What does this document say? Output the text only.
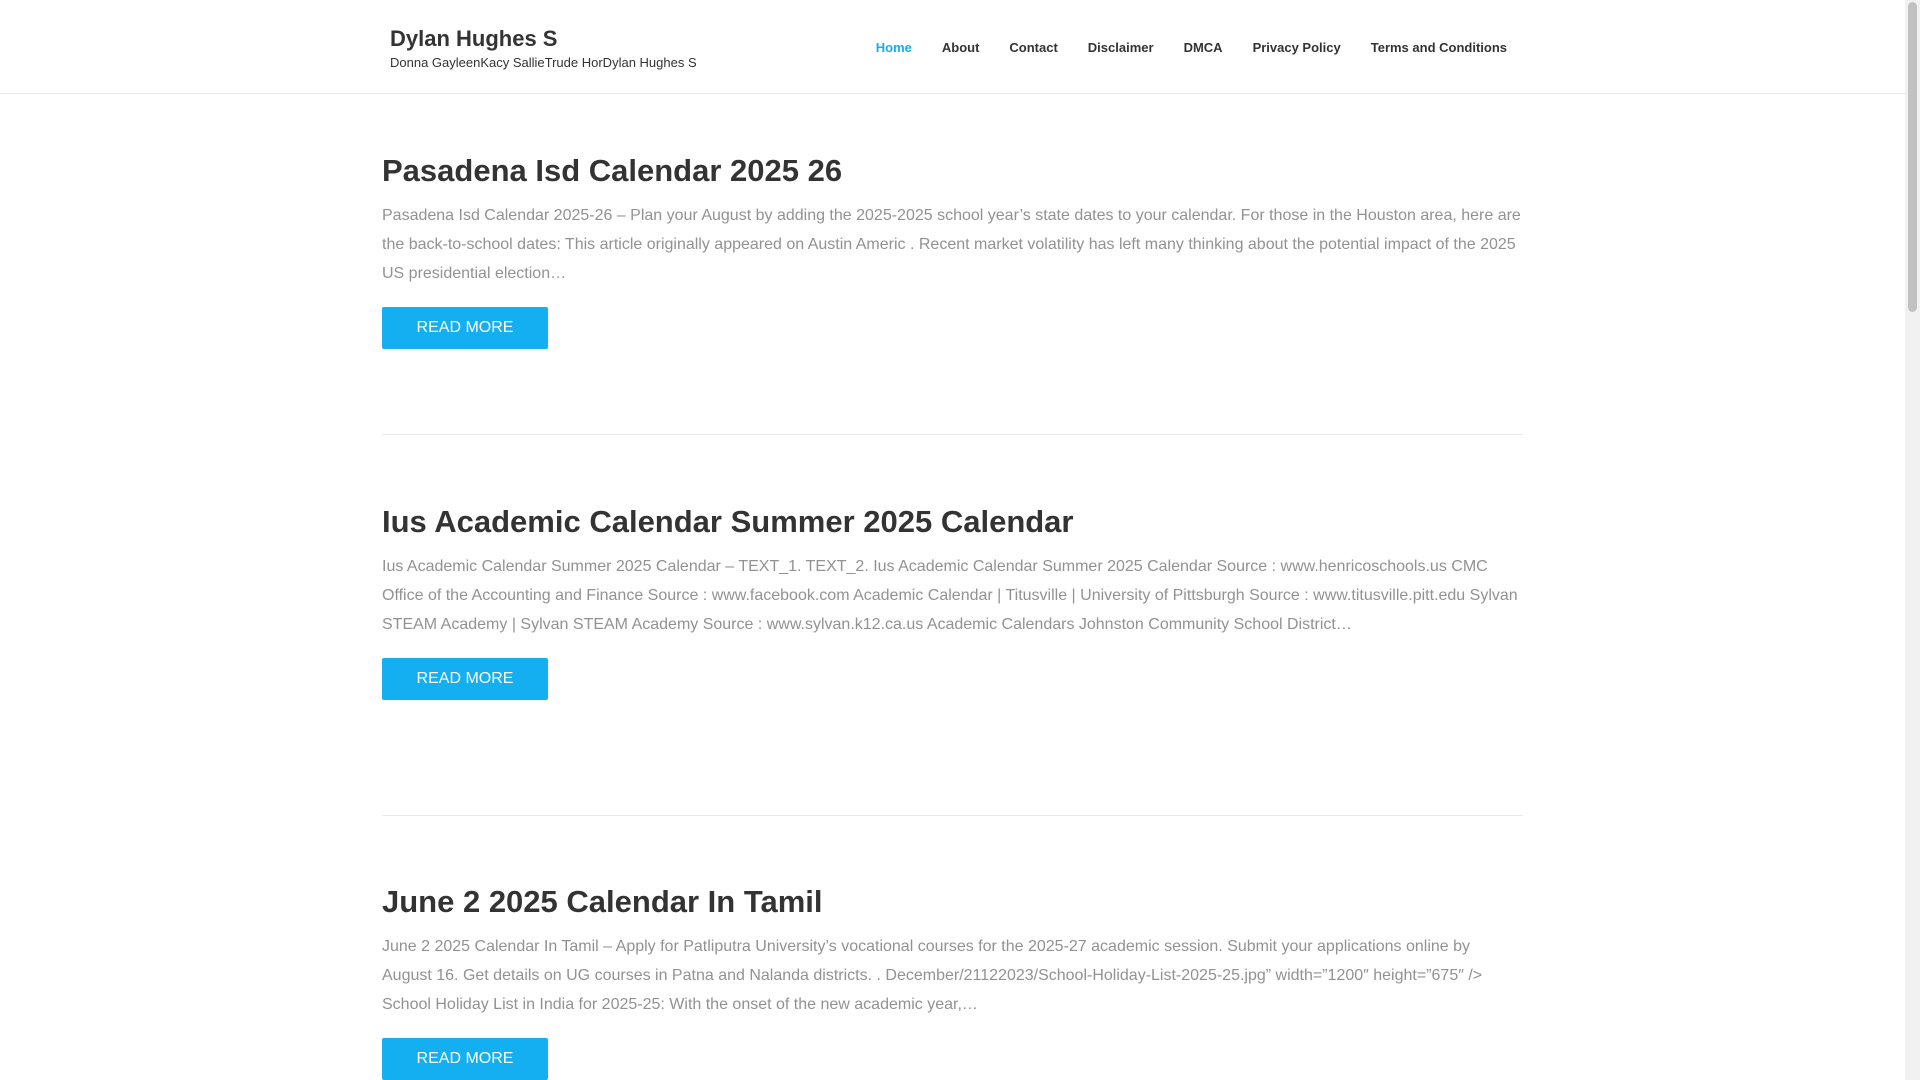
Dylan Hughes S
Donna GayleenKacy SallieTrude HorDylan Hughes S
Home About Contact Disclaimer DMCA Privacy Policy Terms and Conditions
Pasadena Isd Calendar 2025 26

Pasadena Isd Calendar 2025-26 – Plan your August by adding the 2025-2025 school year’s state dates to your calendar. For those in the Houston area, here are the back-to-school dates: This article originally appeared on Austin Americ . Recent market volatility has left many thinking about the potential impact of the 2025 US presidential election…

READ MORE
Ius Academic Calendar Summer 2025 Calendar

Ius Academic Calendar Summer 2025 Calendar – TEXT_1. TEXT_2. Ius Academic Calendar Summer 2025 Calendar Source : www.henricoschools.us CMC Office of the Accounting and Finance Source : www.facebook.com Academic Calendar | Titusville | University of Pittsburgh Source : www.titusville.pitt.edu Sylvan STEAM Academy | Sylvan STEAM Academy Source : www.sylvan.k12.ca.us Academic Calendars Johnston Community School District…

READ MORE
June 2 2025 Calendar In Tamil

June 2 2025 Calendar In Tamil – Apply for Patliputra University’s vocational courses for the 2025-27 academic session. Submit your applications online by August 16. Get details on UG courses in Patna and Nalanda districts. . December/21122023/School-Holiday-List-2025-25.jpg” width=”1200″ height=”675″ /> School Holiday List in India for 2025-25: With the onset of the new academic year,…

READ MORE
